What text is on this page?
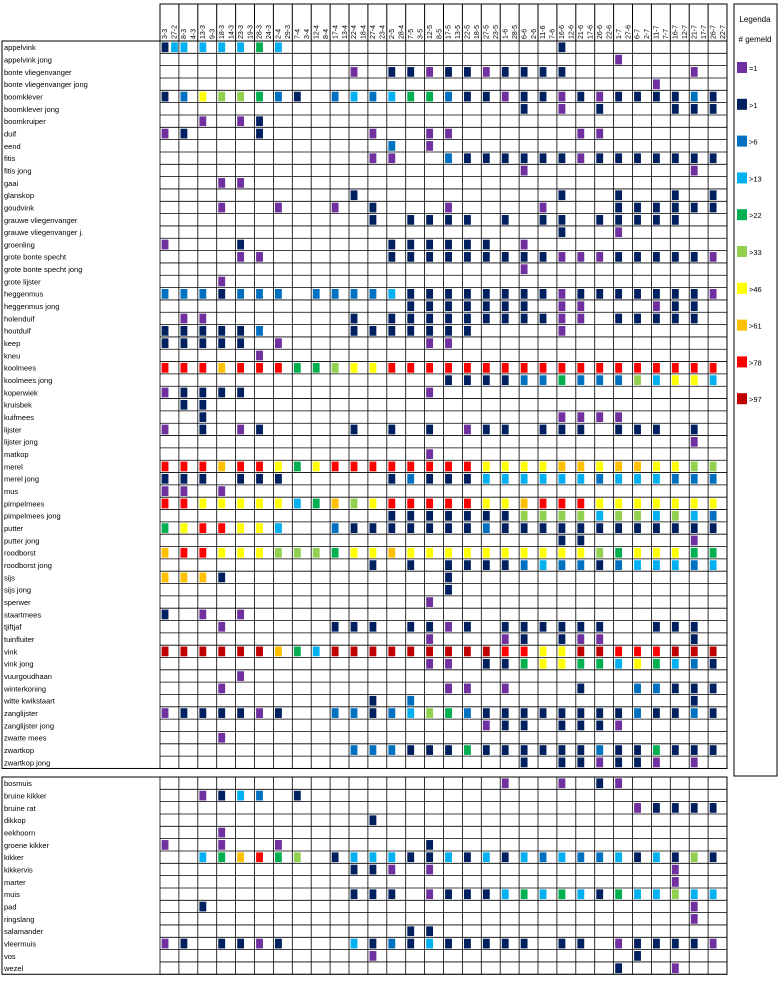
3-3 27-2 8-3 4-3 13-3 9-3 18-3 14-3 23-3 19-3 28-3 24-3 2-4 29-3 7-4 3-4 12-4 8-4 17-4 13-4 22-4 18-4 27-4 23-4 2-5 28-4 7-5 3-5 12-5 8-5 17-5 13-5 22-5 18-5 27-5 23-5 1-6 28-5 6-6 2-6 11-6 7-6 16-6 12-6 21-6 17-6 26-6 22-6 1-7 27-6 6-7 2-7 11-7 7-7 16-7 12-7 21-7 17-7 26-7 22-7
appelvink
appelvink jong
bonte vliegenvanger
bonte vliegenvanger jong
boomklever
boomklever jong
boomkruiper
duif
eend
fitis
fitis jong
gaai
glanskop
goudvink
grauwe vliegenvanger
grauwe vliegenvanger j.
groenling
grote bonte specht
grote bonte specht jong
grote lijster
heggenmus
heggenmus jong
holenduif
houtduif
keep
kneu
koolmees
koolmees jong
koperwiek
kruisbek
kuifmees
lijster
lijster jong
matkop
merel
merel jong
mus
pimpelmees
pimpelmees jong
putter
putter jong
roodborst
roodborst jong
sijs
sijs jong
sperwer
staartmees
tjiftjaf
tuinfluiter
vink
vink jong
vuurgoudhaan
winterkoning
witte kwikstaart
zanglijster
zanglijster jong
zwarte mees
zwartkop
zwartkop jong
bosmuis
bruine kikker
bruine rat
dikkop
eekhoorn
groene kikker
kikker
kikkervis
marter
muis
pad
ringslang
salamander
vleermuis
vos
wezel
Legenda
# gemeld
=1
>1
>6
>13
>22
>33
>46
>61
>78
>97
